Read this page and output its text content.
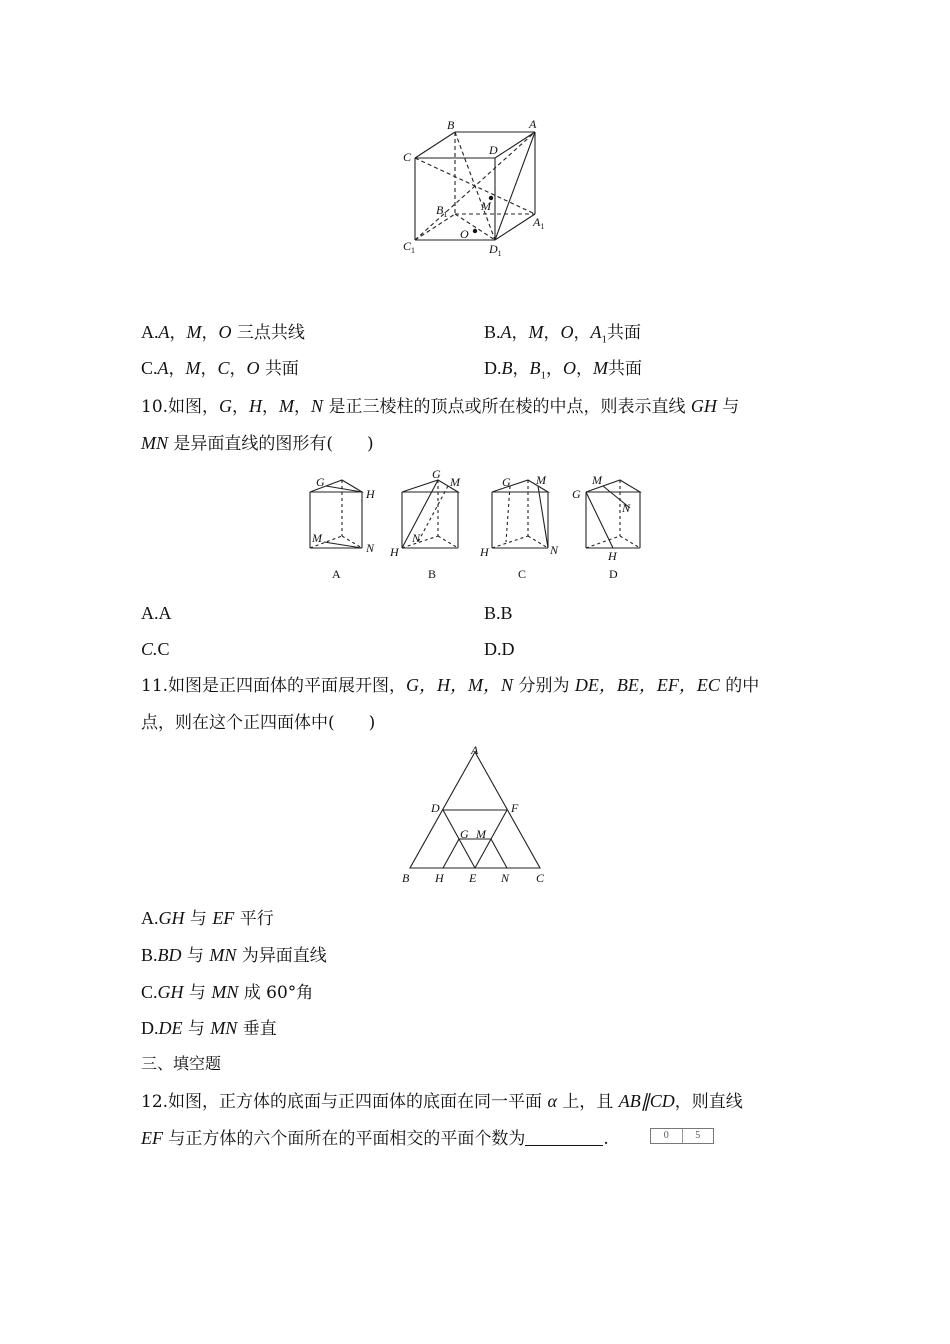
B	A
C	D
M
$B_1$
$A_1$
O
$C_1$	$D_1$
A.A，M，O 三点共线	B.A，M，O，$A_1$共面
C.A，M，C，O 共面	D.B，$B_1$，O，M共面
10.如图，G，H，M，N 是正三棱柱的顶点或所在棱的中点，则表示直线 GH 与
MN 是异面直线的图形有(　　)
G
H
M
N
G
M
H
N
G M
H	N
G
M
N
H
A	B	C	D
A.A	B.B
C.C	D.D
11.如图是正四面体的平面展开图，G，H，M，N 分别为 DE，BE，EF，EC 的中
点，则在这个正四面体中(　　)
A
D	F
G M
B H E N C
A.GH 与 EF 平行
B.BD 与 MN 为异面直线
C.GH 与 MN 成 60°角
D.DE 与 MN 垂直
三、填空题
12.如图，正方体的底面与正四面体的底面在同一平面 α 上，且 AB∥CD，则直线
EF 与正方体的六个面所在的平面相交的平面个数为	.	0	5
